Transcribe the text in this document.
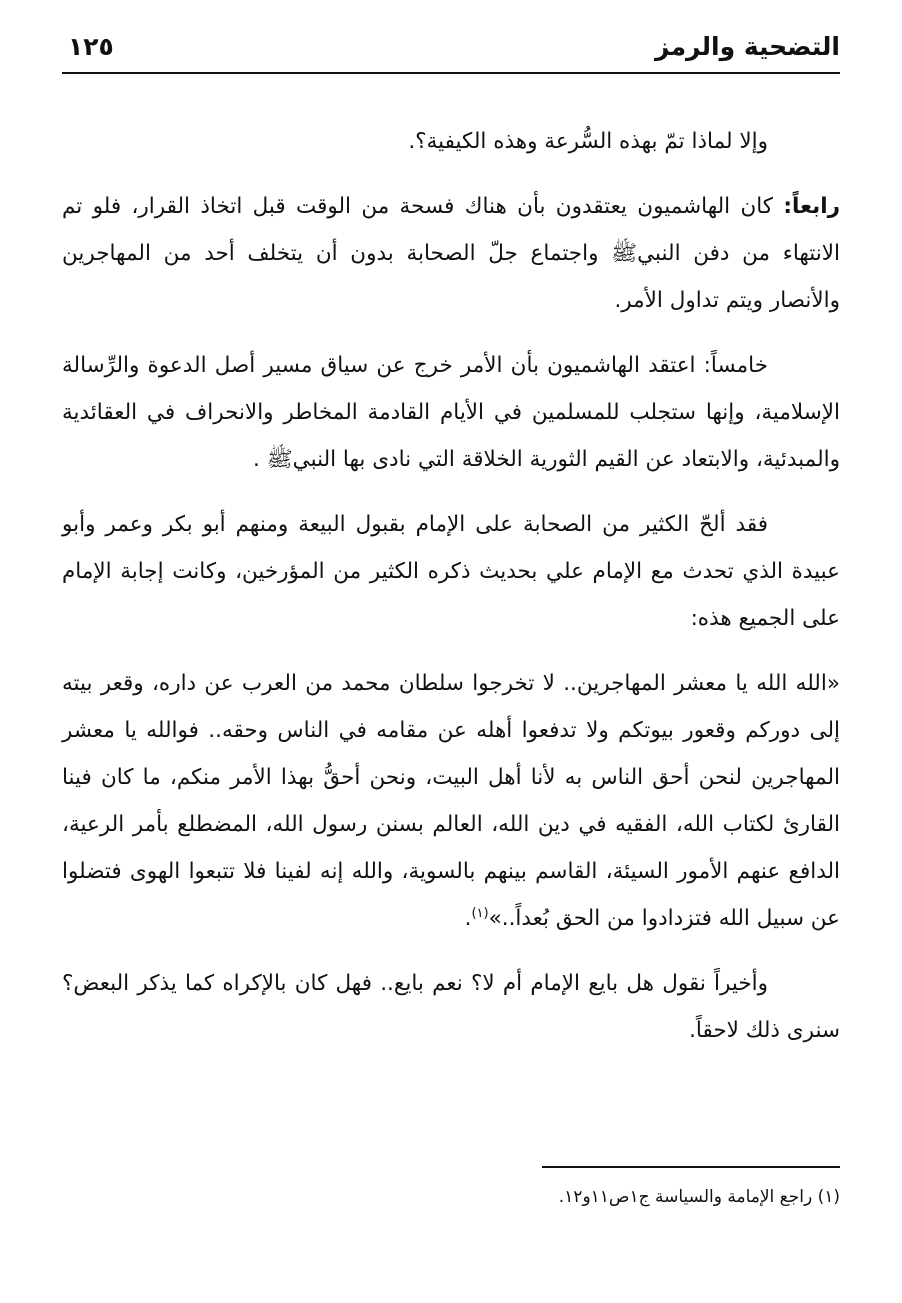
التضحية والرمز
١٢٥

وإلا لماذا تمّ بهذه السُّرعة وهذه الكيفية؟.

رابعاً: كان الهاشميون يعتقدون بأن هناك فسحة من الوقت قبل اتخاذ القرار، فلو تم الانتهاء من دفن النبيﷺ واجتماع جلّ الصحابة بدون أن يتخلف أحد من المهاجرين والأنصار ويتم تداول الأمر.

خامساً: اعتقد الهاشميون بأن الأمر خرج عن سياق مسير أصل الدعوة والرِّسالة الإسلامية، وإنها ستجلب للمسلمين في الأيام القادمة المخاطر والانحراف في العقائدية والمبدئية، والابتعاد عن القيم الثورية الخلاقة التي نادى بها النبيﷺ .

فقد ألحّ الكثير من الصحابة على الإمام بقبول البيعة ومنهم أبو بكر وعمر وأبو عبيدة الذي تحدث مع الإمام علي بحديث ذكره الكثير من المؤرخين، وكانت إجابة الإمام على الجميع هذه:

«الله الله يا معشر المهاجرين.. لا تخرجوا سلطان محمد من العرب عن داره، وقعر بيته إلى دوركم وقعور بيوتكم ولا تدفعوا أهله عن مقامه في الناس وحقه.. فوالله يا معشر المهاجرين لنحن أحق الناس به لأنا أهل البيت، ونحن أحقُّ بهذا الأمر منكم، ما كان فينا القارئ لكتاب الله، الفقيه في دين الله، العالم بسنن رسول الله، المضطلع بأمر الرعية، الدافع عنهم الأمور السيئة، القاسم بينهم بالسوية، والله إنه لفينا فلا تتبعوا الهوى فتضلوا عن سبيل الله فتزدادوا من الحق بُعداً..»$^{(١)}$.

وأخيراً نقول هل بايع الإمام أم لا؟ نعم بايع.. فهل كان بالإكراه كما يذكر البعض؟ سنرى ذلك لاحقاً.

(١) راجع الإمامة والسياسة ج١ص١١و١٢.
